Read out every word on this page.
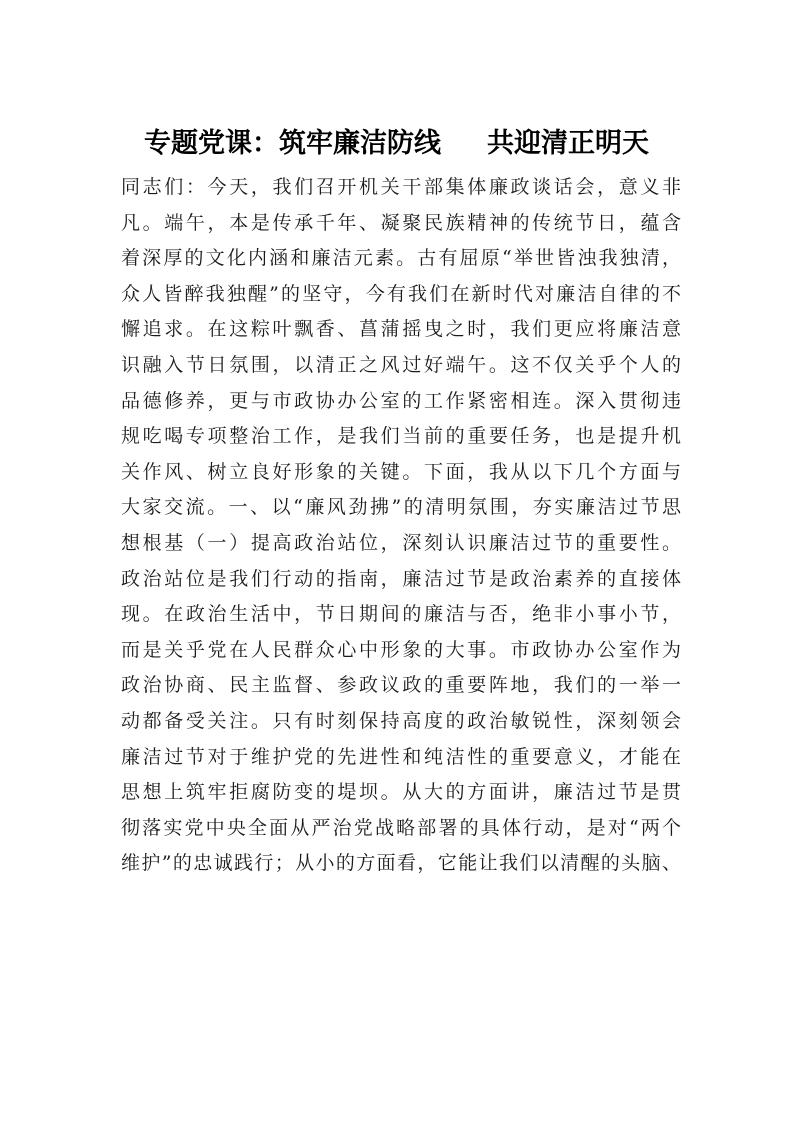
专题党课：筑牢廉洁防线 共迎清正明天
同志们：今天，我们召开机关干部集体廉政谈话会，意义非
凡。端午，本是传承千年、凝聚民族精神的传统节日，蕴含
着深厚的文化内涵和廉洁元素。古有屈原“举世皆浊我独清，
众人皆醉我独醒”的坚守，今有我们在新时代对廉洁自律的不
懈追求。在这粽叶飘香、菖蒲摇曳之时，我们更应将廉洁意
识融入节日氛围，以清正之风过好端午。这不仅关乎个人的
品德修养，更与市政协办公室的工作紧密相连。深入贯彻违
规吃喝专项整治工作，是我们当前的重要任务，也是提升机
关作风、树立良好形象的关键。下面，我从以下几个方面与
大家交流。一、以“廉风劲拂”的清明氛围，夯实廉洁过节思
想根基（一）提高政治站位，深刻认识廉洁过节的重要性。
政治站位是我们行动的指南，廉洁过节是政治素养的直接体
现。在政治生活中，节日期间的廉洁与否，绝非小事小节，
而是关乎党在人民群众心中形象的大事。市政协办公室作为
政治协商、民主监督、参政议政的重要阵地，我们的一举一
动都备受关注。只有时刻保持高度的政治敏锐性，深刻领会
廉洁过节对于维护党的先进性和纯洁性的重要意义，才能在
思想上筑牢拒腐防变的堤坝。从大的方面讲，廉洁过节是贯
彻落实党中央全面从严治党战略部署的具体行动，是对“两个
维护”的忠诚践行；从小的方面看，它能让我们以清醒的头脑、
